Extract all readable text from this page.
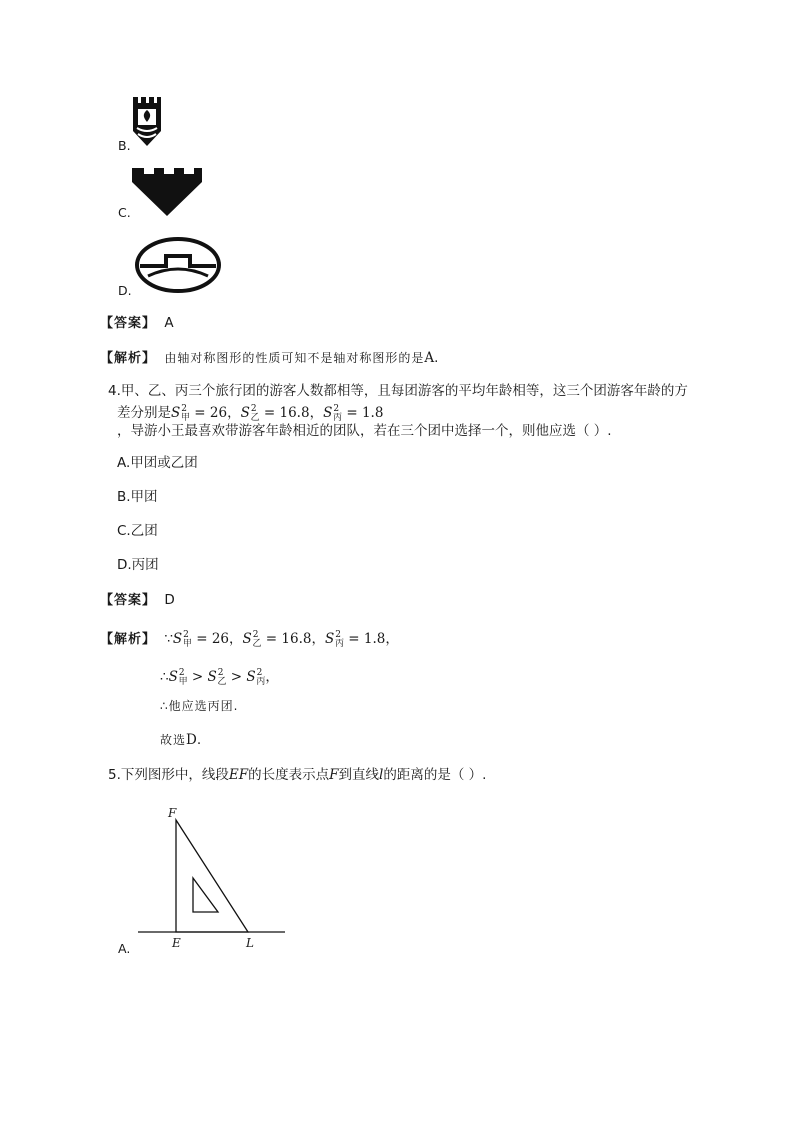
B.
C.
D.
【答案】 A
【解析】 由轴对称图形的性质可知不是轴对称图形的是A.
4.甲、乙、丙三个旅行团的游客人数都相等，且每团游客的平均年龄相等，这三个团游客年龄的方
差分别是$S^2_甲 = 26$，$S^2_乙 = 16.8$，$S^2_丙 = 1.8$
，导游小王最喜欢带游客年龄相近的团队，若在三个团中选择一个，则他应选（ ）.
A.甲团或乙团
B.甲团
C.乙团
D.丙团
【答案】 D
【解析】 $\because S^2_甲 = 26$，$S^2_乙 = 16.8$，$S^2_丙 = 1.8$，
$\therefore S^2_甲 > S^2_乙 > S^2_丙$，
∴他应选丙团.
故选D.
5.下列图形中，线段EF的长度表示点F到直线l的距离的是（ ）.
F
E	L
A.
